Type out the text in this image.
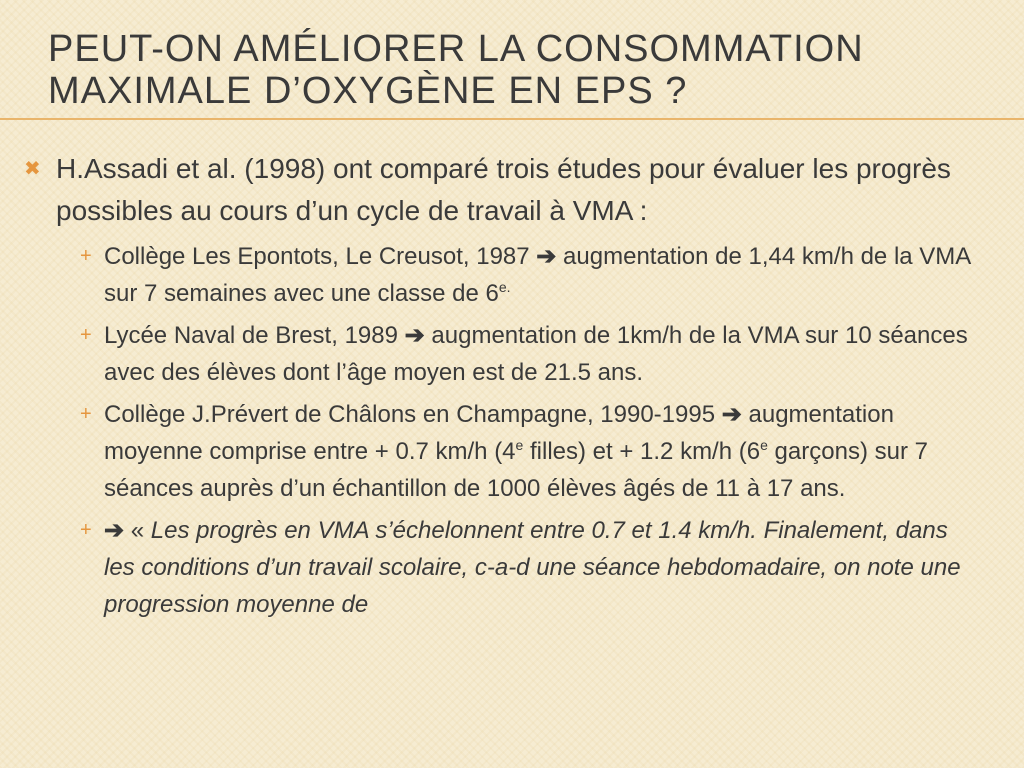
PEUT-ON AMÉLIORER LA CONSOMMATION MAXIMALE D’OXYGÈNE EN EPS ?
✖ H.Assadi et al. (1998) ont comparé trois études pour évaluer les progrès possibles au cours d’un cycle de travail à VMA :
+ Collège Les Epontots, Le Creusot, 1987 ➔ augmentation de 1,44 km/h de la VMA sur 7 semaines avec une classe de $6^{e.}$
+ Lycée Naval de Brest, 1989 ➔ augmentation de 1km/h de la VMA sur 10 séances avec des élèves dont l’âge moyen est de 21.5 ans.
+ Collège J.Prévert de Châlons en Champagne, 1990-1995 ➔ augmentation moyenne comprise entre + 0.7 km/h (4e filles) et + 1.2 km/h (6e garçons) sur 7 séances auprès d’un échantillon de 1000 élèves âgés de 11 à 17 ans.
+ ➔ « Les progrès en VMA s’échelonnent entre 0.7 et 1.4 km/h. Finalement, dans les conditions d’un travail scolaire, c-a-d une séance hebdomadaire, on note une progression moyenne de
